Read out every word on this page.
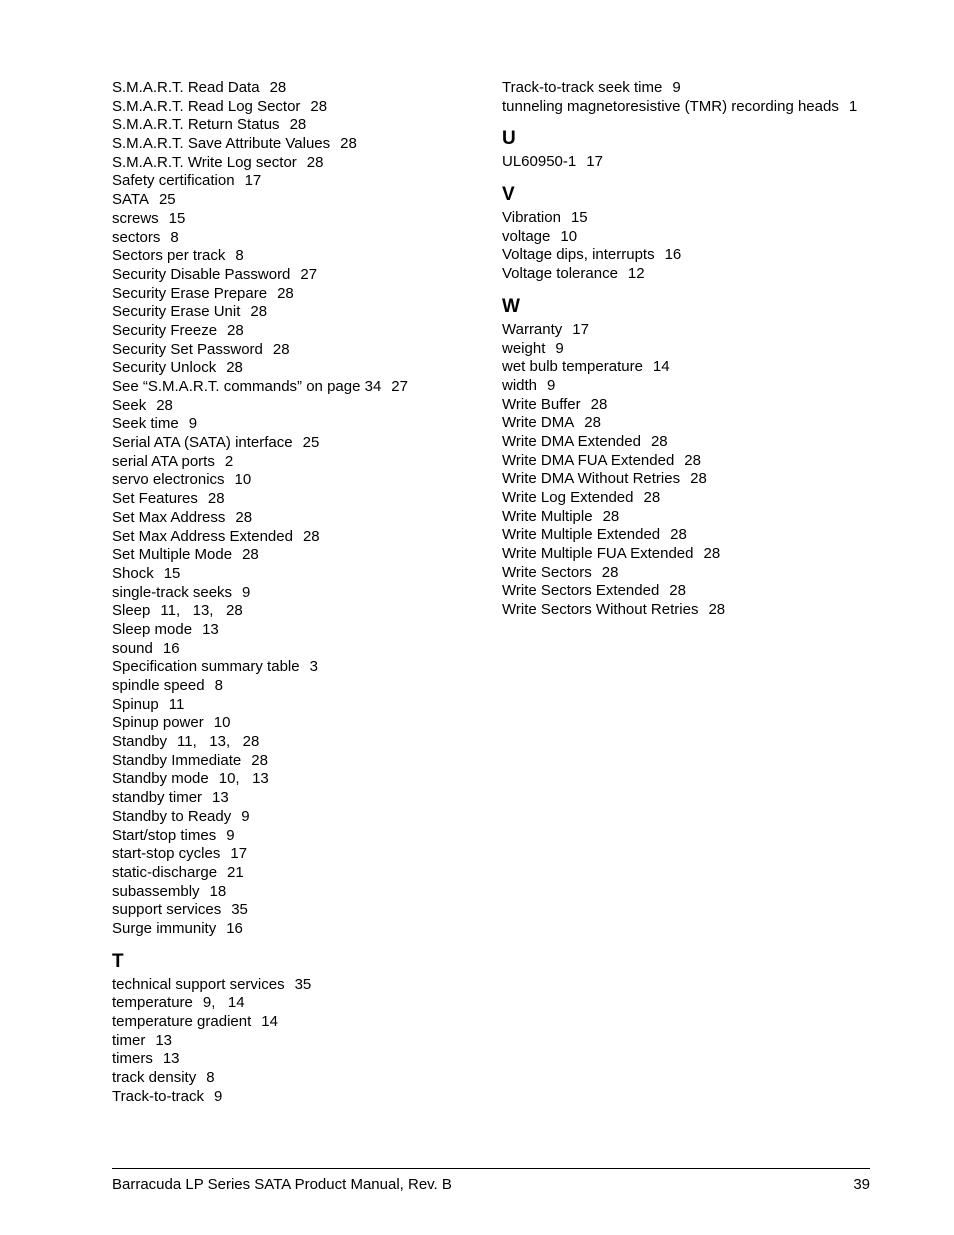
S.M.A.R.T. Read Data 28
S.M.A.R.T. Read Log Sector 28
S.M.A.R.T. Return Status 28
S.M.A.R.T. Save Attribute Values 28
S.M.A.R.T. Write Log sector 28
Safety certification 17
SATA 25
screws 15
sectors 8
Sectors per track 8
Security Disable Password 27
Security Erase Prepare 28
Security Erase Unit 28
Security Freeze 28
Security Set Password 28
Security Unlock 28
See “S.M.A.R.T. commands” on page 34 27
Seek 28
Seek time 9
Serial ATA (SATA) interface 25
serial ATA ports 2
servo electronics 10
Set Features 28
Set Max Address 28
Set Max Address Extended 28
Set Multiple Mode 28
Shock 15
single-track seeks 9
Sleep 11,   13,   28
Sleep mode 13
sound 16
Specification summary table 3
spindle speed 8
Spinup 11
Spinup power 10
Standby 11,   13,   28
Standby Immediate 28
Standby mode 10,   13
standby timer 13
Standby to Ready 9
Start/stop times 9
start-stop cycles 17
static-discharge 21
subassembly 18
support services 35
Surge immunity 16
T
technical support services 35
temperature 9,   14
temperature gradient 14
timer 13
timers 13
track density 8
Track-to-track 9
Track-to-track seek time 9
tunneling magnetoresistive (TMR) recording heads 1
U
UL60950-1 17
V
Vibration 15
voltage 10
Voltage dips, interrupts 16
Voltage tolerance 12
W
Warranty 17
weight 9
wet bulb temperature 14
width 9
Write Buffer 28
Write DMA 28
Write DMA Extended 28
Write DMA FUA Extended 28
Write DMA Without Retries 28
Write Log Extended 28
Write Multiple 28
Write Multiple Extended 28
Write Multiple FUA Extended 28
Write Sectors 28
Write Sectors Extended 28
Write Sectors Without Retries 28
Barracuda LP Series SATA Product Manual, Rev. B	39
